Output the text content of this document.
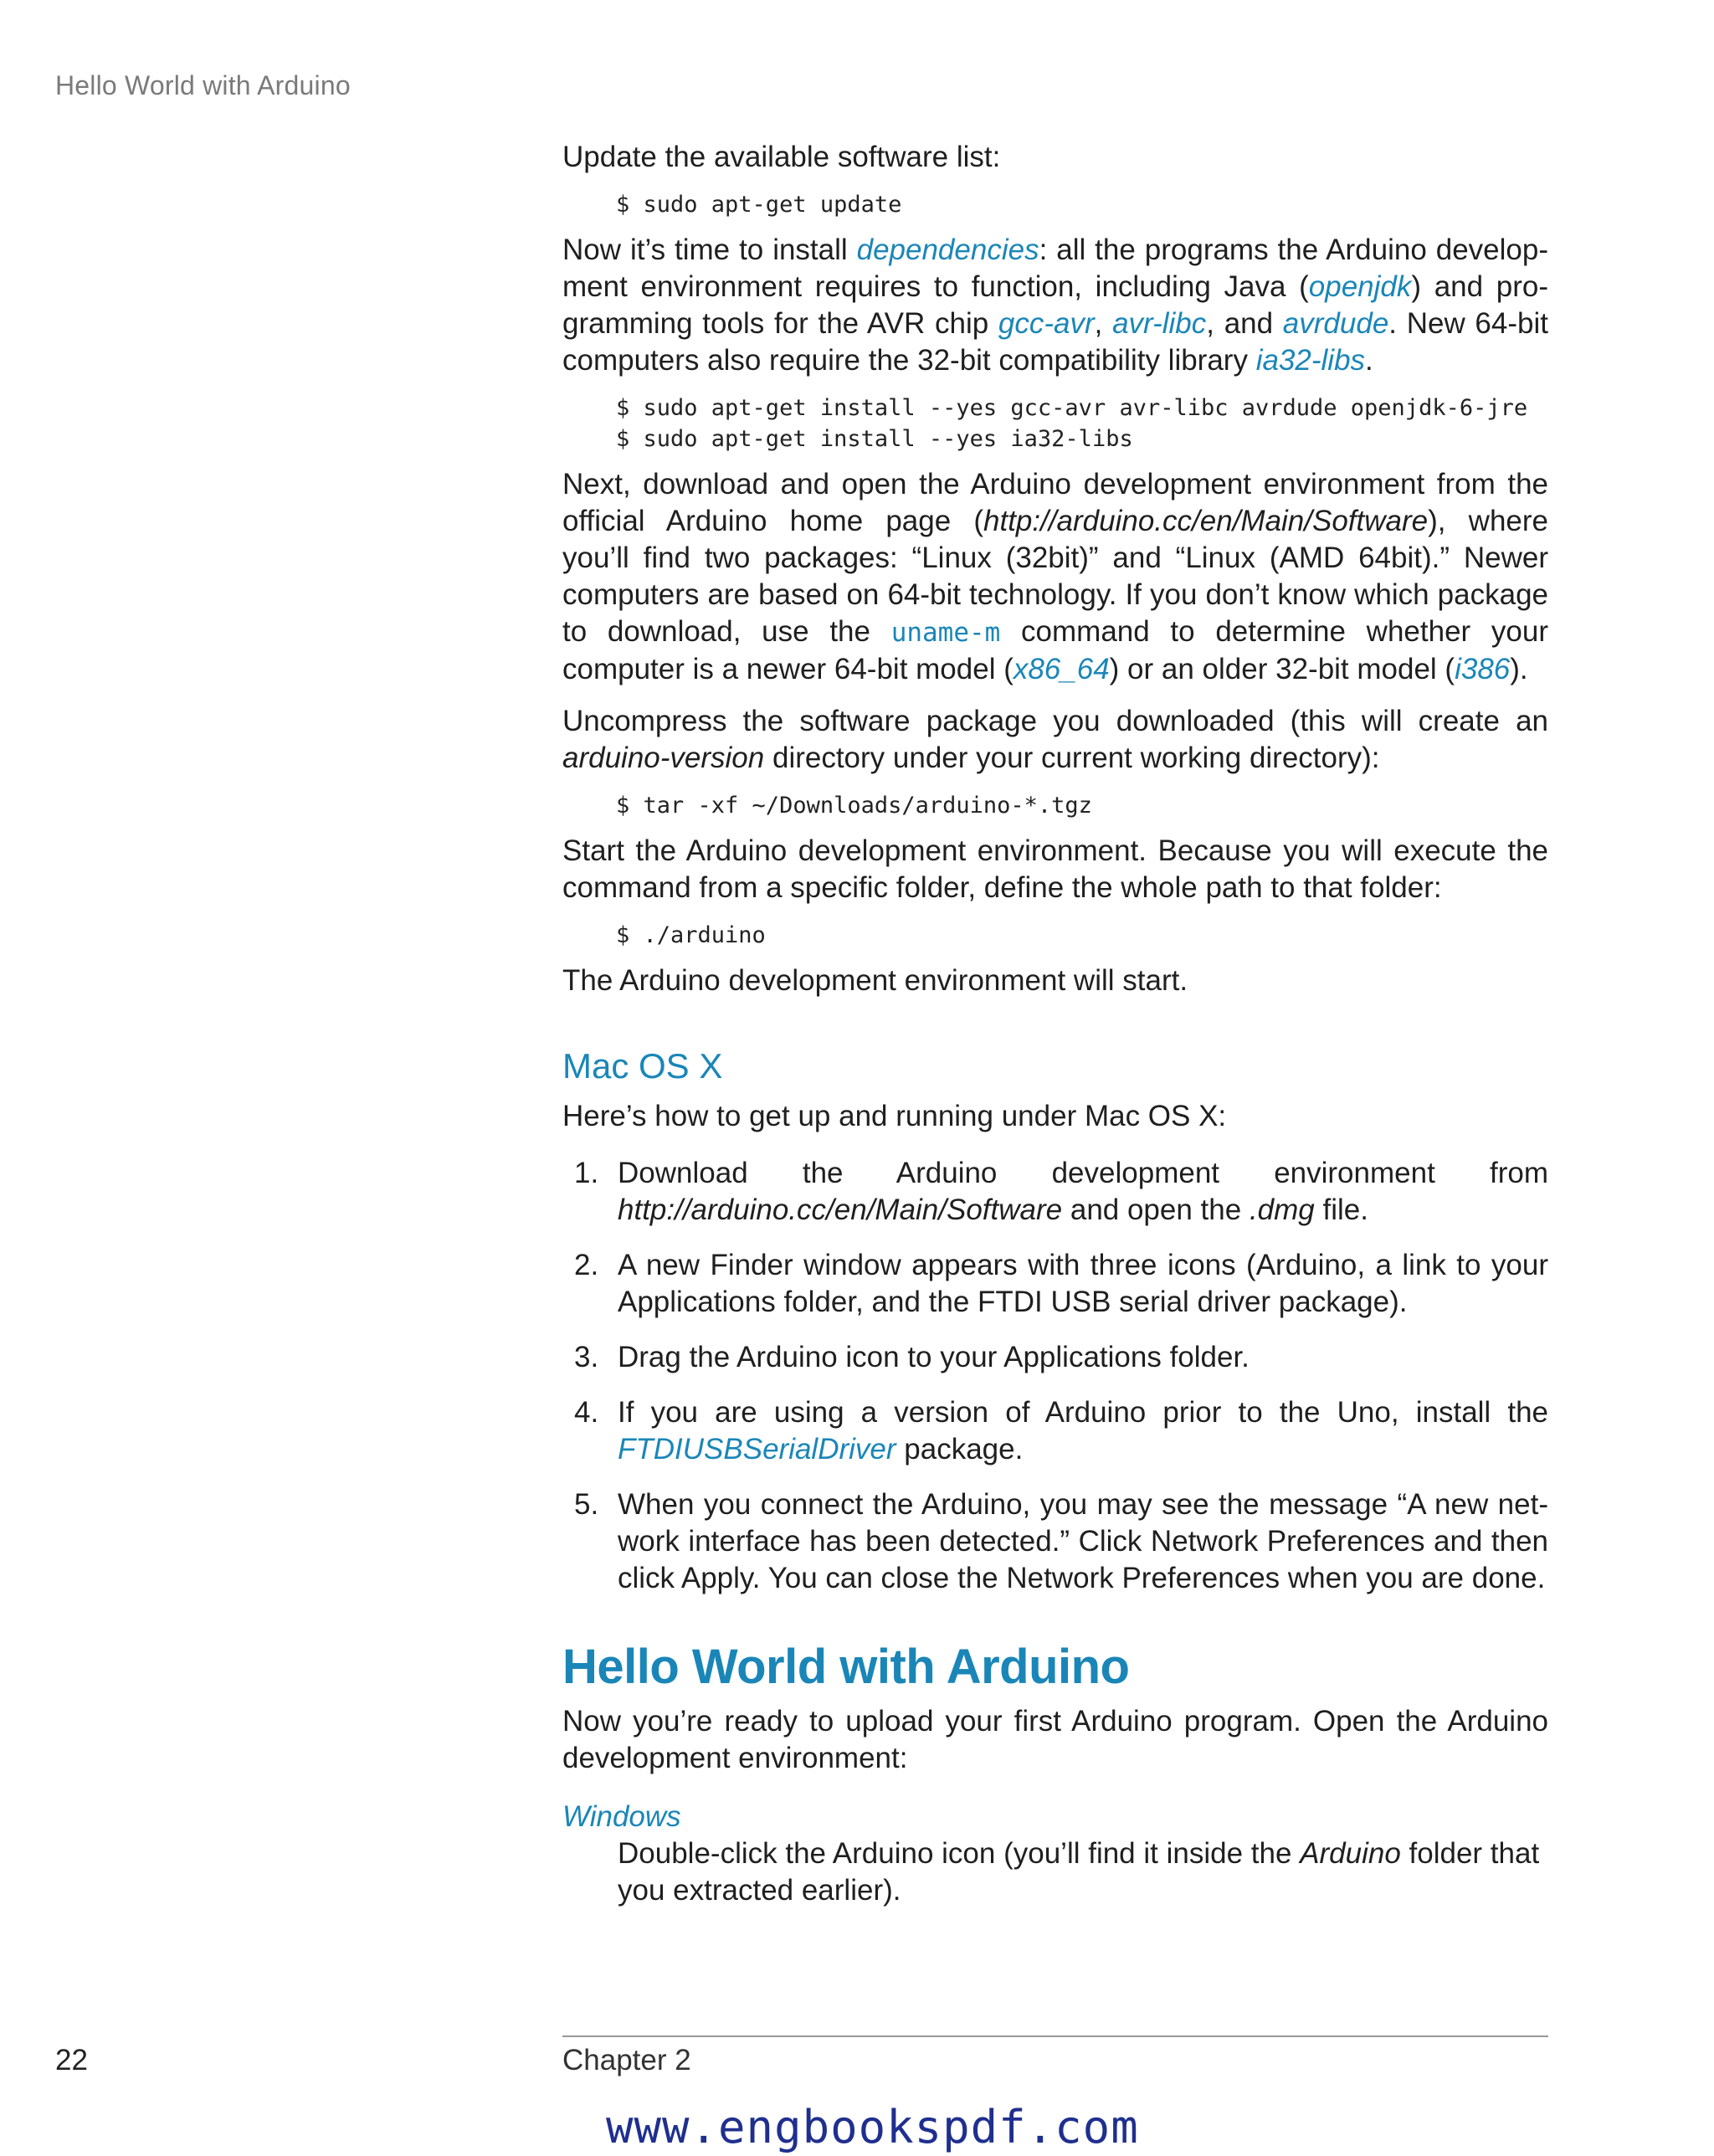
Hello World with Arduino

Update the available software list:

$ sudo apt-get update

Now it’s time to install dependencies: all the programs the Arduino development environment requires to function, including Java (openjdk) and programming tools for the AVR chip gcc-avr, avr-libc, and avrdude. New 64-bit computers also require the 32-bit compatibility library ia32-libs.

$ sudo apt-get install --yes gcc-avr avr-libc avrdude openjdk-6-jre
$ sudo apt-get install --yes ia32-libs

Next, download and open the Arduino development environment from the official Arduino home page (http://arduino.cc/en/Main/Software), where you’ll find two packages: “Linux (32bit)” and “Linux (AMD 64bit).” Newer computers are based on 64-bit technology. If you don’t know which package to download, use the uname-m command to determine whether your computer is a newer 64-bit model (x86_64) or an older 32-bit model (i386).

Uncompress the software package you downloaded (this will create an arduino-version directory under your current working directory):

$ tar -xf ~/Downloads/arduino-*.tgz

Start the Arduino development environment. Because you will execute the command from a specific folder, define the whole path to that folder:

$ ./arduino

The Arduino development environment will start.

Mac OS X

Here’s how to get up and running under Mac OS X:

1. Download the Arduino development environment from http://arduino.cc/en/Main/Software and open the .dmg file.
2. A new Finder window appears with three icons (Arduino, a link to your Applications folder, and the FTDI USB serial driver package).
3. Drag the Arduino icon to your Applications folder.
4. If you are using a version of Arduino prior to the Uno, install the FTDIUSBSerialDriver package.
5. When you connect the Arduino, you may see the message “A new network interface has been detected.” Click Network Preferences and then click Apply. You can close the Network Preferences when you are done.
Hello World with Arduino

Now you’re ready to upload your first Arduino program. Open the Arduino development environment:

Windows

Double-click the Arduino icon (you’ll find it inside the Arduino folder that you extracted earlier).

22	Chapter 2
www.engbookspdf.com
